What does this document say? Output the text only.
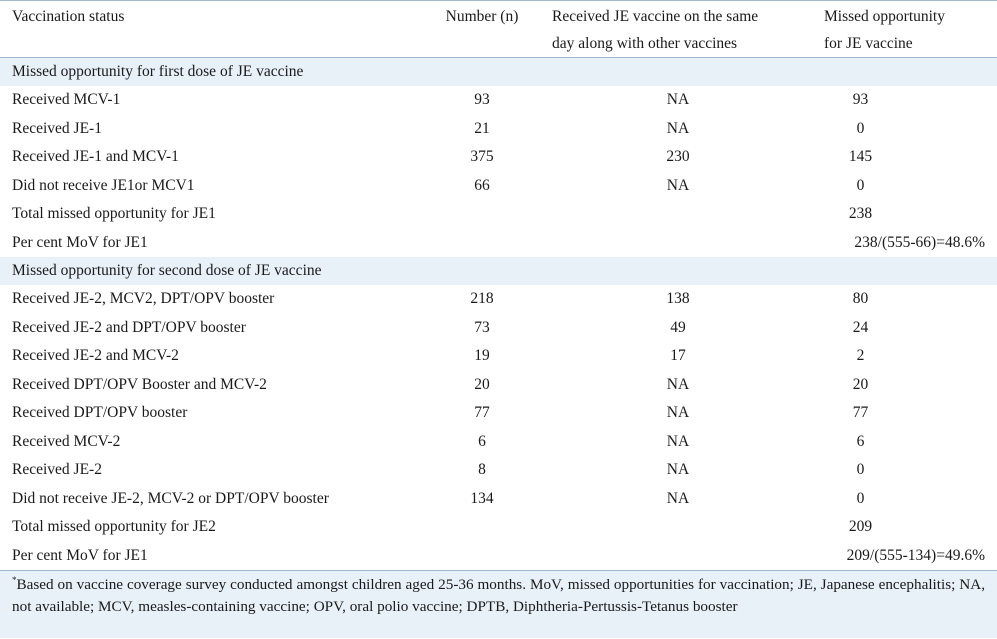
Vaccination status	Number (n)	Received JE vaccine on the same
day along with other vaccines	Missed opportunity
for JE vaccine
Missed opportunity for first dose of JE vaccine			
Received MCV-1	93	NA	93
Received JE-1	21	NA	0
Received JE-1 and MCV-1	375	230	145
Did not receive JE1or MCV1	66	NA	0
Total missed opportunity for JE1			238
Per cent MoV for JE1			238/(555-66)=48.6%
Missed opportunity for second dose of JE vaccine			
Received JE-2, MCV2, DPT/OPV booster	218	138	80
Received JE-2 and DPT/OPV booster	73	49	24
Received JE-2 and MCV-2	19	17	2
Received DPT/OPV Booster and MCV-2	20	NA	20
Received DPT/OPV booster	77	NA	77
Received MCV-2	6	NA	6
Received JE-2	8	NA	0
Did not receive JE-2, MCV-2 or DPT/OPV booster	134	NA	0
Total missed opportunity for JE2			209
Per cent MoV for JE1			209/(555-134)=49.6%
*Based on vaccine coverage survey conducted amongst children aged 25-36 months. MoV, missed opportunities for vaccination; JE, Japanese encephalitis; NA, not available; MCV, measles-containing vaccine; OPV, oral polio vaccine; DPTB, Diphtheria-Pertussis-Tetanus booster
